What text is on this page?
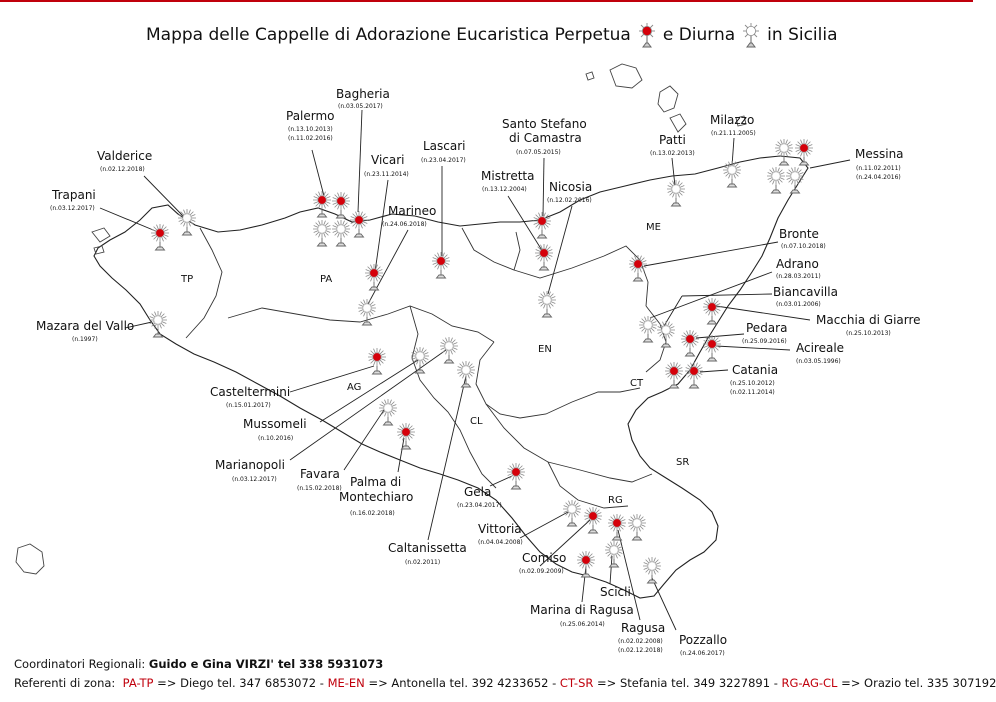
Mappa delle Cappelle di Adorazione Eucaristica Perpetua e Diurna in Sicilia
TP	PA
ME
EN
AG
CL
CT
RG
SR
Valderice
(n.02.12.2018)
Trapani
(n.03.12.2017)
Mazara del Vallo
(n.1997)
Palermo
(n.13.10.2013)
(n.11.02.2016)
Bagheria
(n.03.05.2017)
Vicari
(n.23.11.2014)
Lascari
(n.23.04.2017)
Marineo
(n.24.06.2018)
Santo Stefano
di Camastra
(n.07.05.2015)
Mistretta
(n.13.12.2004) Nicosia
(n.12.02.2016)
Patti
(n.13.02.2013)
Milazzo
(n.21.11.2005)
Messina
(n.11.02.2011)
(n.24.04.2016)
Bronte
(n.07.10.2018)
Adrano
(n.28.03.2011)
Biancavilla
(n.03.01.2006)
Macchia di Giarre
(n.25.10.2013)
Pedara
(n.25.09.2016) Acireale
(n.03.05.1996)
Catania
(n.25.10.2012)
(n.02.11.2014)
Casteltermini
(n.15.01.2017)
Mussomeli
(n.10.2016)
Marianopoli
(n.03.12.2017) Favara
(n.15.02.2018) Palma di
Montechiaro
(n.16.02.2018)
Caltanissetta
(n.02.2011)
Gela
(n.23.04.2017)
Vittoria
(n.04.04.2008)
Comiso
(n.02.09.2009)
Scicli
Marina di Ragusa
(n.25.06.2014) Ragusa
(n.02.02.2008)
(n.02.12.2018)
Pozzallo
(n.24.06.2017)
Coordinatori Regionali: Guido e Gina VIRZI' tel 338 5931073
Referenti di zona: PA-TP => Diego tel. 347 6853072 - ME-EN => Antonella tel. 392 4233652 - CT-SR => Stefania tel. 349 3227891 - RG-AG-CL => Orazio tel. 335 307192
